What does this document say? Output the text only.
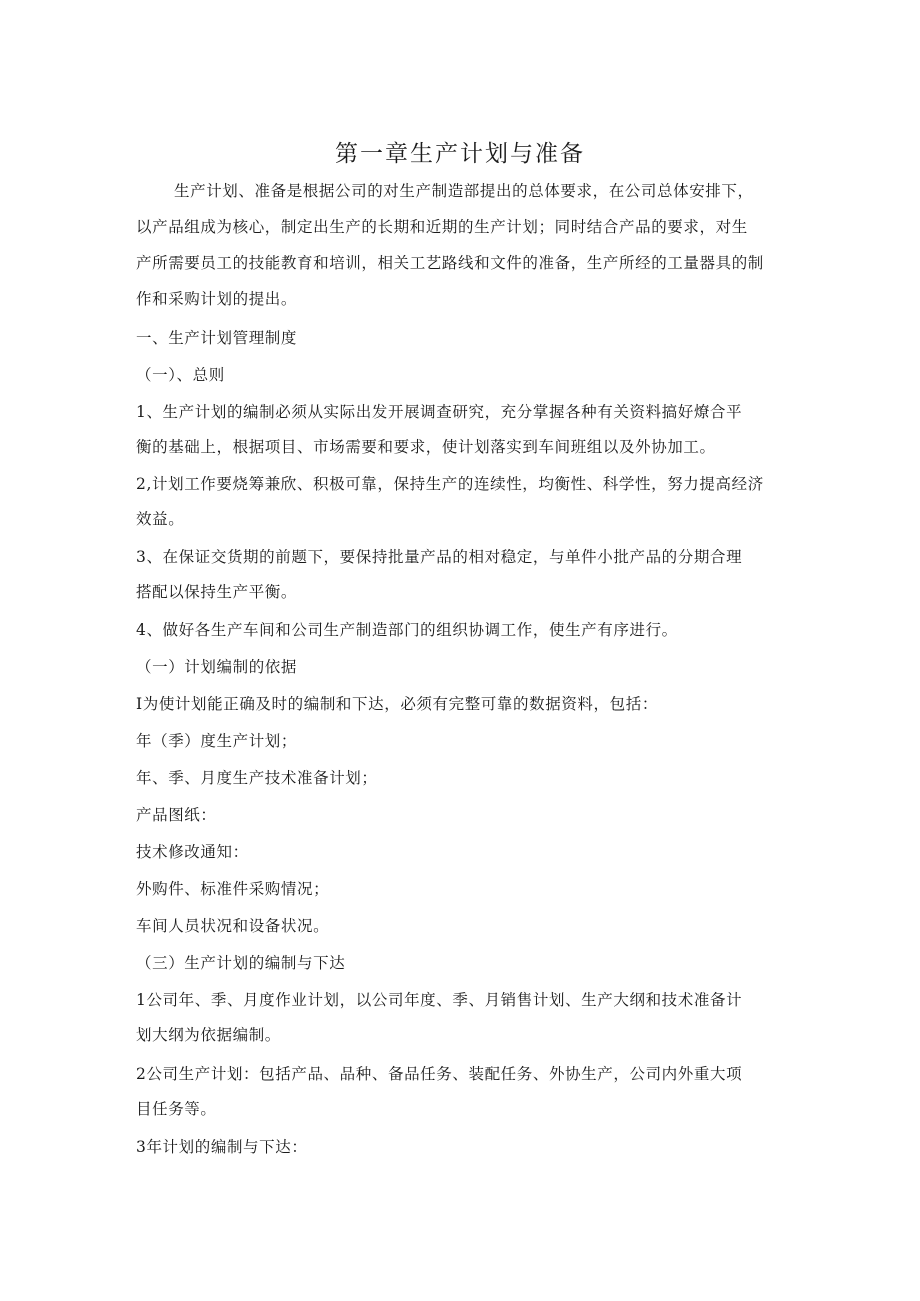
第一章生产计划与准备
生产计划、准备是根据公司的对生产制造部提出的总体要求，在公司总体安排下，
以产品组成为核心，制定出生产的长期和近期的生产计划；同时结合产品的要求，对生
产所需要员工的技能教育和培训，相关工艺路线和文件的准备，生产所经的工量器具的制
作和采购计划的提出。
一、生产计划管理制度
（一）、总则
1、生产计划的编制必须从实际出发开展调查研究，充分掌握各种有关资料搞好燎合平
衡的基础上，根据项目、市场需要和要求，使计划落实到车间班组以及外协加工。
2,计划工作要烧筹兼欣、积极可靠，保持生产的连续性，均衡性、科学性，努力提高经济
效益。
3、在保证交货期的前题下，要保持批量产品的相对稳定，与单件小批产品的分期合理
搭配以保持生产平衡。
4、做好各生产车间和公司生产制造部门的组织协调工作，使生产有序进行。
（一）计划编制的依据
I为使计划能正确及时的编制和下达，必须有完整可靠的数据资料，包括：
年（季）度生产计划；
年、季、月度生产技术准备计划；
产品图纸：
技术修改通知：
外购件、标准件采购情况；
车间人员状况和设备状况。
（三）生产计划的编制与下达
1公司年、季、月度作业计划，以公司年度、季、月销售计划、生产大纲和技术准备计
划大纲为依据编制。
2公司生产计划：包括产品、品种、备品任务、装配任务、外协生产，公司内外重大项
目任务等。
3年计划的编制与下达：
